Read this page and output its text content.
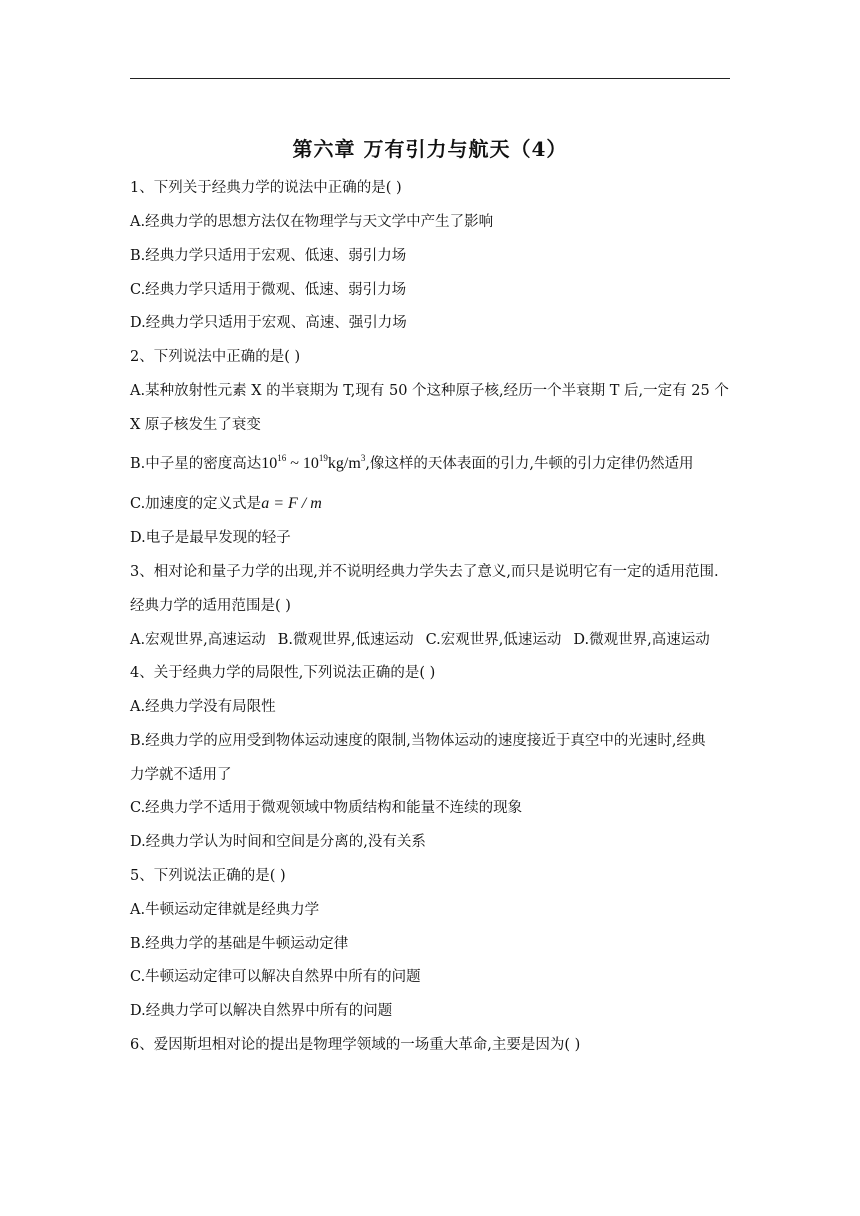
第六章 万有引力与航天（4）
1、下列关于经典力学的说法中正确的是( )
A.经典力学的思想方法仅在物理学与天文学中产生了影响
B.经典力学只适用于宏观、低速、弱引力场
C.经典力学只适用于微观、低速、弱引力场
D.经典力学只适用于宏观、高速、强引力场
2、下列说法中正确的是( )
A.某种放射性元素 X 的半衰期为 T,现有 50 个这种原子核,经历一个半衰期 T 后,一定有 25 个
X 原子核发生了衰变
B.中子星的密度高达$10^{16}$ ~ $10^{19}kg/m^3$,像这样的天体表面的引力,牛顿的引力定律仍然适用
C.加速度的定义式是a = F / m
D.电子是最早发现的轻子
3、相对论和量子力学的出现,并不说明经典力学失去了意义,而只是说明它有一定的适用范围.
经典力学的适用范围是( )
A.宏观世界,高速运动 B.微观世界,低速运动 C.宏观世界,低速运动 D.微观世界,高速运动
4、关于经典力学的局限性,下列说法正确的是( )
A.经典力学没有局限性
B.经典力学的应用受到物体运动速度的限制,当物体运动的速度接近于真空中的光速时,经典
力学就不适用了
C.经典力学不适用于微观领域中物质结构和能量不连续的现象
D.经典力学认为时间和空间是分离的,没有关系
5、下列说法正确的是( )
A.牛顿运动定律就是经典力学
B.经典力学的基础是牛顿运动定律
C.牛顿运动定律可以解决自然界中所有的问题
D.经典力学可以解决自然界中所有的问题
6、爱因斯坦相对论的提出是物理学领域的一场重大革命,主要是因为( )
